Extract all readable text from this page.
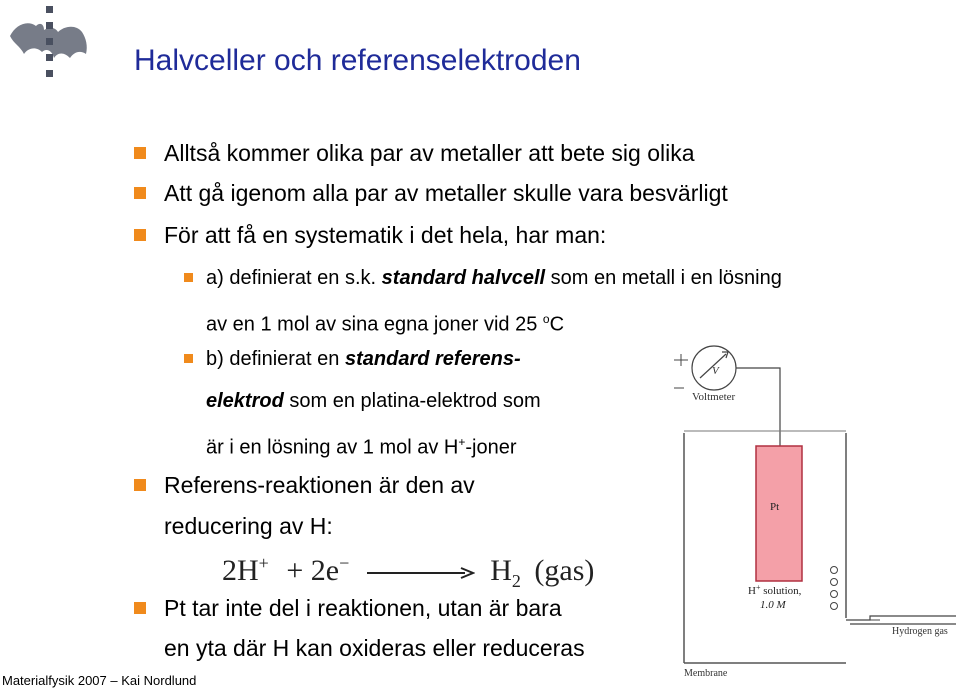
Halvceller och referenselektroden
Alltså kommer olika par av metaller att bete sig olika
Att gå igenom alla par av metaller skulle vara besvärligt
För att få en systematik i det hela, har man:
a) definierat en s.k. standard halvcell som en metall i en lösning
av en 1 mol av sina egna joner vid 25 $^o$C
b) definierat en standard referens-
elektrod som en platina-elektrod som
är i en lösning av 1 mol av H+-joner
Referens-reaktionen är den av
reducering av H:
2H+ + 2e−	$H_2$ (gas)
Pt tar inte del i reaktionen, utan är bara
en yta där H kan oxideras eller reduceras
V
Voltmeter
Pt
H+ solution,
1.0 M
Hydrogen gas
Membrane
Materialfysik 2007 – Kai Nordlund
